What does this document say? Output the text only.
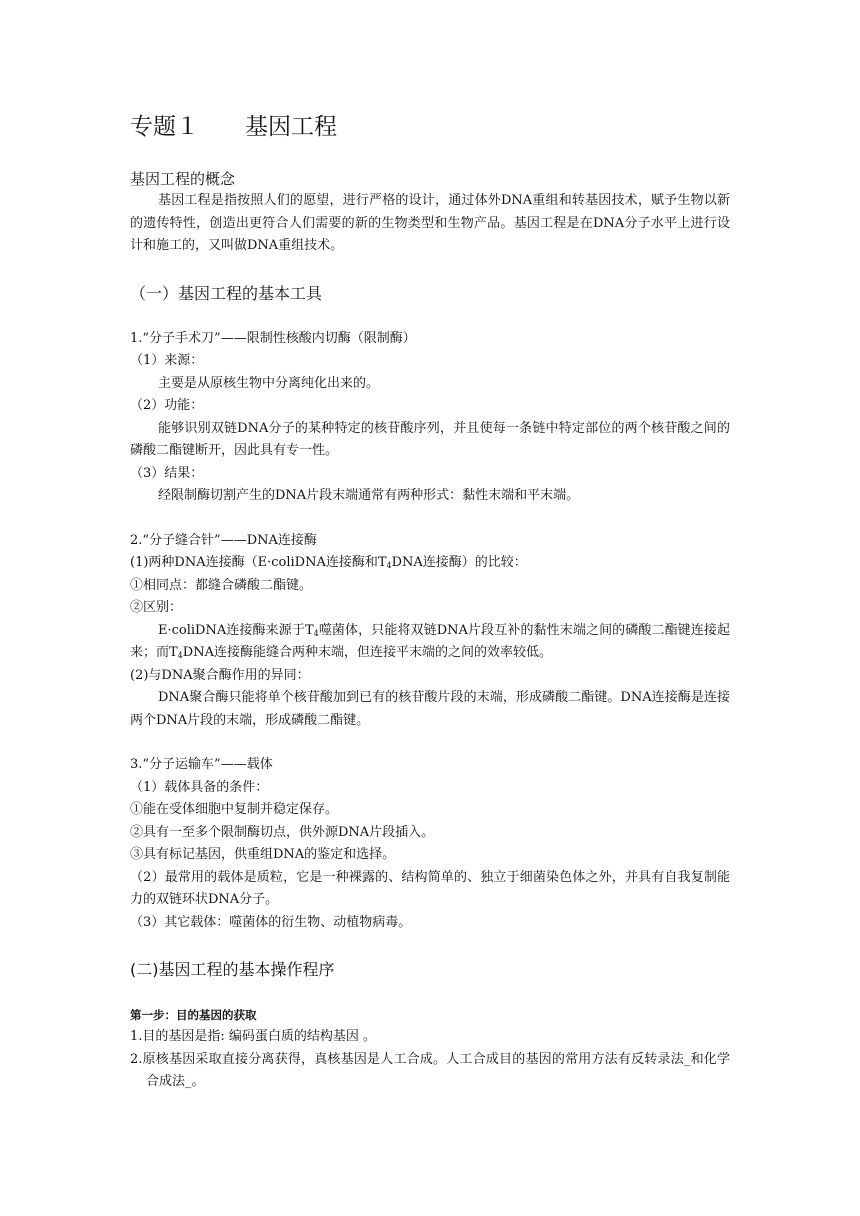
专题１ 基因工程
基因工程的概念

基因工程是指按照人们的愿望，进行严格的设计，通过体外DNA重组和转基因技术，赋予生物以新的遗传特性，创造出更符合人们需要的新的生物类型和生物产品。基因工程是在DNA分子水平上进行设计和施工的，又叫做DNA重组技术。

（一）基因工程的基本工具

1.“分子手术刀”——限制性核酸内切酶（限制酶）

（1）来源：

主要是从原核生物中分离纯化出来的。

（2）功能：

能够识别双链DNA分子的某种特定的核苷酸序列，并且使每一条链中特定部位的两个核苷酸之间的磷酸二酯键断开，因此具有专一性。

（3）结果：

经限制酶切割产生的DNA片段末端通常有两种形式：黏性末端和平末端。

2.“分子缝合针”——DNA连接酶

(1)两种DNA连接酶（E·coliDNA连接酶和$T_4DNA$连接酶）的比较：

①相同点：都缝合磷酸二酯键。

②区别：

E·coliDNA连接酶来源于$T_4$噬菌体，只能将双链DNA片段互补的黏性末端之间的磷酸二酯键连接起来；而$T_4DNA$连接酶能缝合两种末端，但连接平末端的之间的效率较低。

(2)与DNA聚合酶作用的异同：

DNA聚合酶只能将单个核苷酸加到已有的核苷酸片段的末端，形成磷酸二酯键。DNA连接酶是连接两个DNA片段的末端，形成磷酸二酯键。

3.“分子运输车”——载体

（1）载体具备的条件：

①能在受体细胞中复制并稳定保存。

②具有一至多个限制酶切点，供外源DNA片段插入。

③具有标记基因，供重组DNA的鉴定和选择。

（2）最常用的载体是质粒，它是一种裸露的、结构简单的、独立于细菌染色体之外，并具有自我复制能力的双链环状DNA分子。

（3）其它载体：噬菌体的衍生物、动植物病毒。

(二)基因工程的基本操作程序

第一步：目的基因的获取

1.目的基因是指: 编码蛋白质的结构基因 。

2.原核基因采取直接分离获得，真核基因是人工合成。人工合成目的基因的常用方法有反转录法_和化学合成法_。
